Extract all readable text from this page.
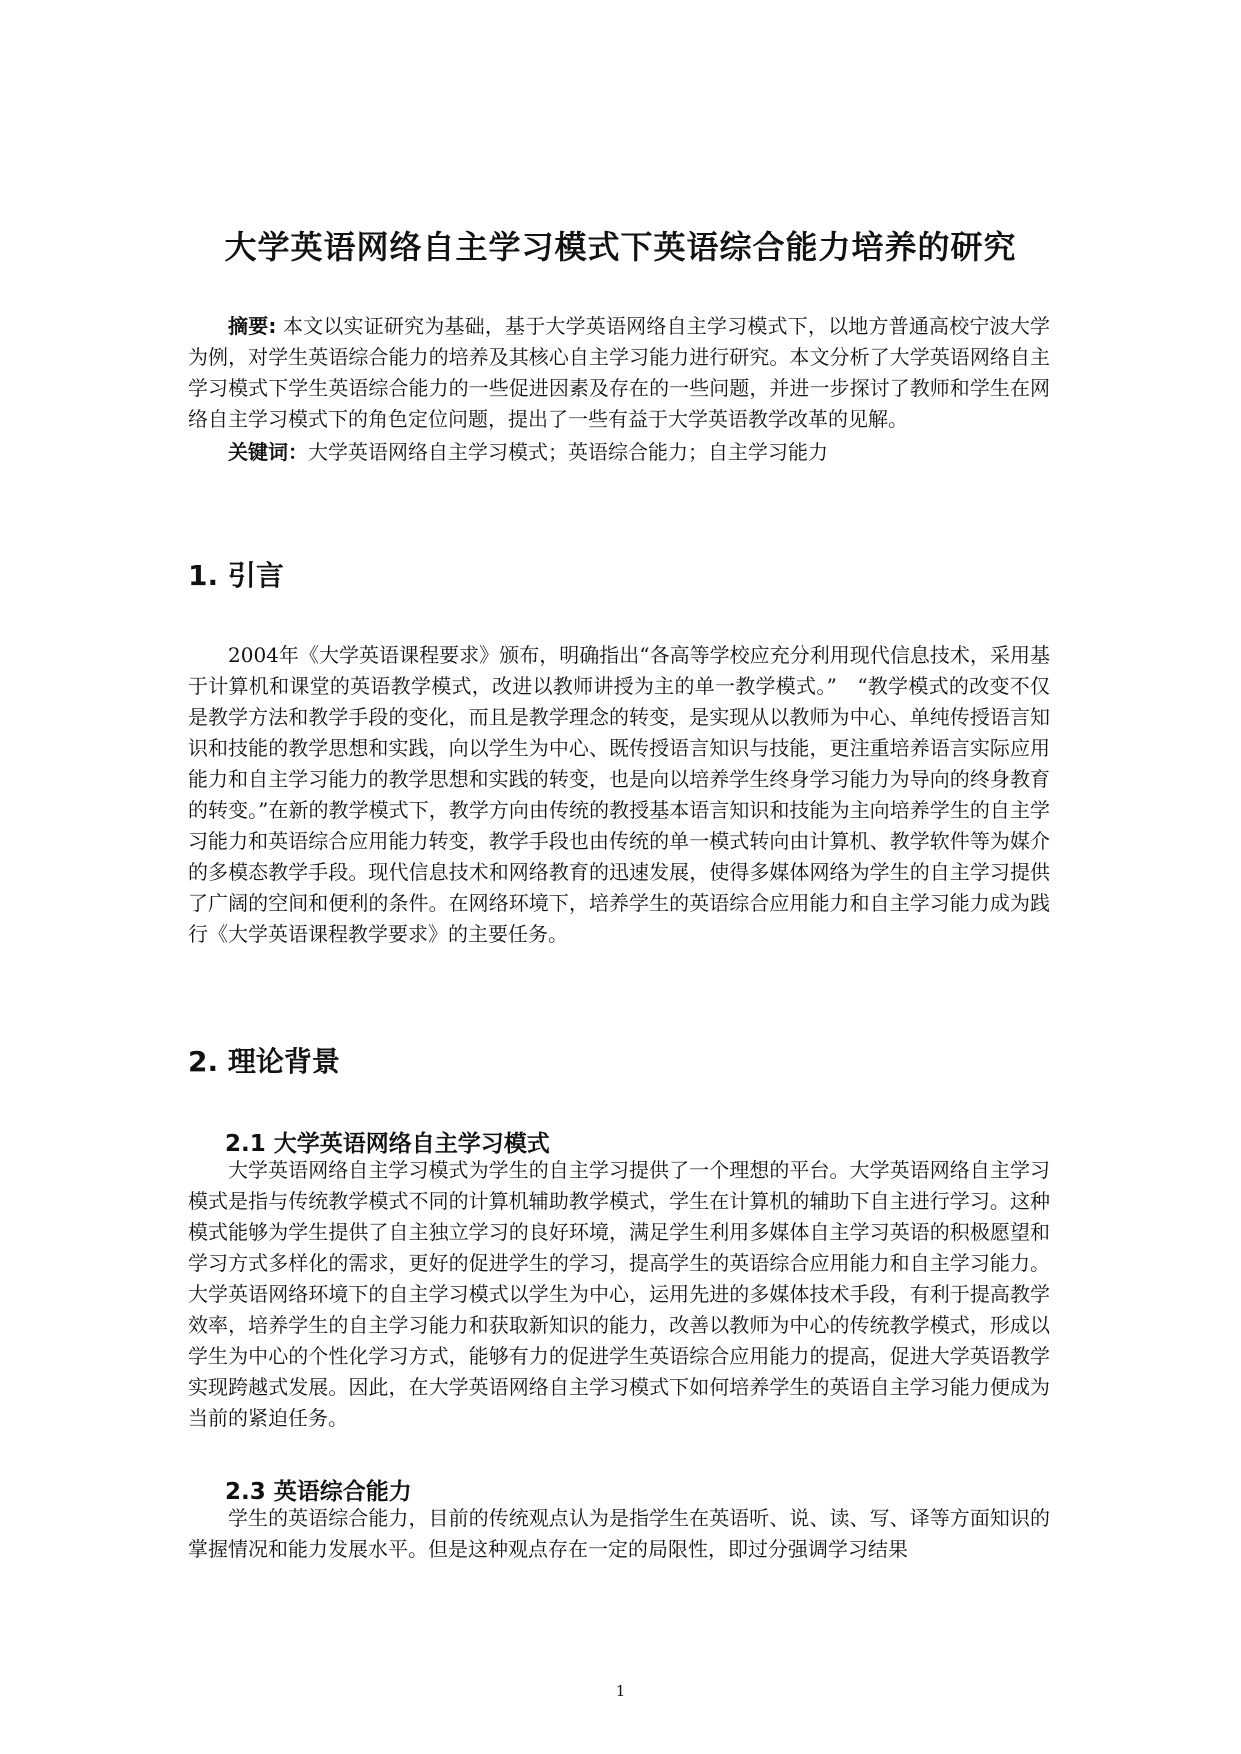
大学英语网络自主学习模式下英语综合能力培养的研究

摘要: 本文以实证研究为基础，基于大学英语网络自主学习模式下，以地方普通高校宁波大学为例，对学生英语综合能力的培养及其核心自主学习能力进行研究。本文分析了大学英语网络自主学习模式下学生英语综合能力的一些促进因素及存在的一些问题，并进一步探讨了教师和学生在网络自主学习模式下的角色定位问题，提出了一些有益于大学英语教学改革的见解。

关键词：大学英语网络自主学习模式；英语综合能力；自主学习能力

1. 引言

2004年《大学英语课程要求》颁布，明确指出“各高等学校应充分利用现代信息技术，采用基于计算机和课堂的英语教学模式，改进以教师讲授为主的单一教学模式。”　“教学模式的改变不仅是教学方法和教学手段的变化，而且是教学理念的转变，是实现从以教师为中心、单纯传授语言知识和技能的教学思想和实践，向以学生为中心、既传授语言知识与技能，更注重培养语言实际应用能力和自主学习能力的教学思想和实践的转变，也是向以培养学生终身学习能力为导向的终身教育的转变。”在新的教学模式下，教学方向由传统的教授基本语言知识和技能为主向培养学生的自主学习能力和英语综合应用能力转变，教学手段也由传统的单一模式转向由计算机、教学软件等为媒介的多模态教学手段。现代信息技术和网络教育的迅速发展，使得多媒体网络为学生的自主学习提供了广阔的空间和便利的条件。在网络环境下，培养学生的英语综合应用能力和自主学习能力成为践行《大学英语课程教学要求》的主要任务。

2. 理论背景
2.1 大学英语网络自主学习模式

大学英语网络自主学习模式为学生的自主学习提供了一个理想的平台。大学英语网络自主学习模式是指与传统教学模式不同的计算机辅助教学模式，学生在计算机的辅助下自主进行学习。这种模式能够为学生提供了自主独立学习的良好环境，满足学生利用多媒体自主学习英语的积极愿望和学习方式多样化的需求，更好的促进学生的学习，提高学生的英语综合应用能力和自主学习能力。大学英语网络环境下的自主学习模式以学生为中心，运用先进的多媒体技术手段，有利于提高教学效率，培养学生的自主学习能力和获取新知识的能力，改善以教师为中心的传统教学模式，形成以学生为中心的个性化学习方式，能够有力的促进学生英语综合应用能力的提高，促进大学英语教学实现跨越式发展。因此，在大学英语网络自主学习模式下如何培养学生的英语自主学习能力便成为当前的紧迫任务。

2.3 英语综合能力

学生的英语综合能力，目前的传统观点认为是指学生在英语听、说、读、写、译等方面知识的掌握情况和能力发展水平。但是这种观点存在一定的局限性，即过分强调学习结果

1
